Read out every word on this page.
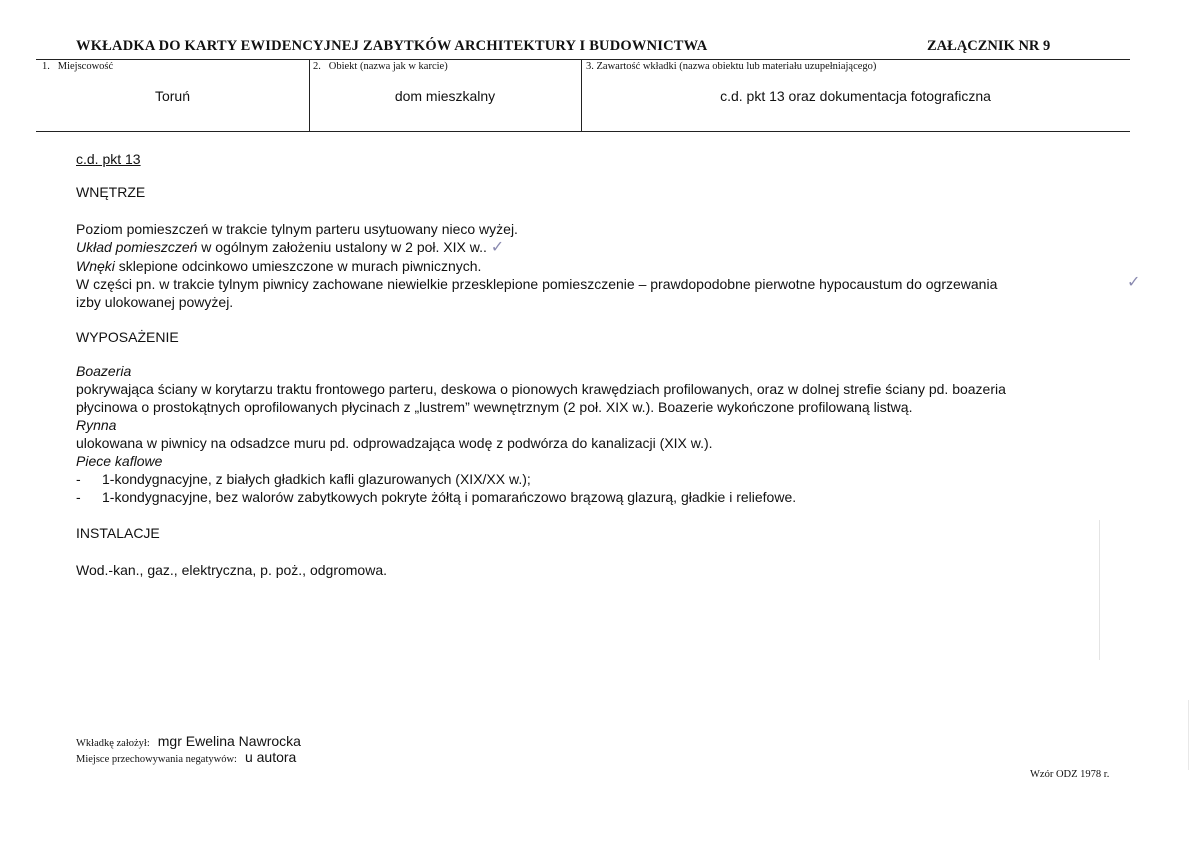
WKŁADKA DO KARTY EWIDENCYJNEJ ZABYTKÓW ARCHITEKTURY I BUDOWNICTWA	ZAŁĄCZNIK NR 9
1. Miejscowość
Toruń
2. Obiekt (nazwa jak w karcie)
dom mieszkalny
3. Zawartość wkładki (nazwa obiektu lub materiału uzupełniającego)
c.d. pkt 13 oraz dokumentacja fotograficzna
c.d. pkt 13
WNĘTRZE
Poziom pomieszczeń w trakcie tylnym parteru usytuowany nieco wyżej.
Układ pomieszczeń w ogólnym założeniu ustalony w 2 poł. XIX w.. ✓
Wnęki sklepione odcinkowo umieszczone w murach piwnicznych.
W części pn. w trakcie tylnym piwnicy zachowane niewielkie przesklepione pomieszczenie – prawdopodobne pierwotne hypocaustum do ogrzewania
izby ulokowanej powyżej.
✓
WYPOSAŻENIE
Boazeria
pokrywająca ściany w korytarzu traktu frontowego parteru, deskowa o pionowych krawędziach profilowanych, oraz w dolnej strefie ściany pd. boazeria
płycinowa o prostokątnych oprofilowanych płycinach z „lustrem” wewnętrznym (2 poł. XIX w.). Boazerie wykończone profilowaną listwą.
Rynna
ulokowana w piwnicy na odsadzce muru pd. odprowadzająca wodę z podwórza do kanalizacji (XIX w.).
Piece kaflowe
- 1-kondygnacyjne, z białych gładkich kafli glazurowanych (XIX/XX w.);
- 1-kondygnacyjne, bez walorów zabytkowych pokryte żółtą i pomarańczowo brązową glazurą, gładkie i reliefowe.
INSTALACJE
Wod.-kan., gaz., elektryczna, p. poż., odgromowa.
Wkładkę założył: mgr Ewelina Nawrocka
Miejsce przechowywania negatywów: u autora
Wzór ODZ 1978 r.
